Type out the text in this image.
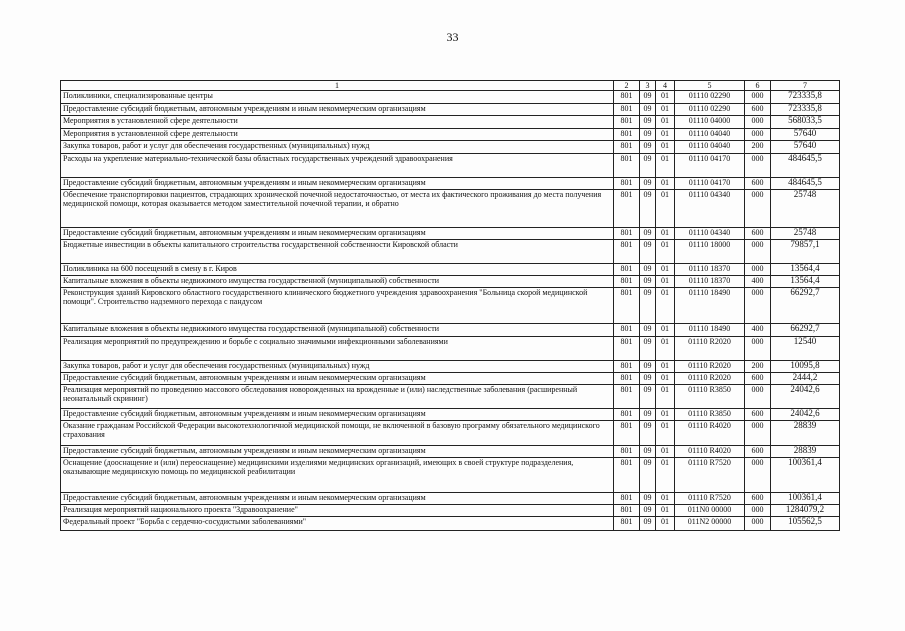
33
1	2	3	4	5	6	7
Поликлиники, специализированные центры	801	09	01	01110 02290	000	723335,8
Предоставление субсидий бюджетным, автономным учреждениям и иным некоммерческим организациям	801	09	01	01110 02290	600	723335,8
Мероприятия в установленной сфере деятельности	801	09	01	01110 04000	000	568033,5
Мероприятия в установленной сфере деятельности	801	09	01	01110 04040	000	57640
Закупка товаров, работ и услуг для обеспечения государственных (муниципальных) нужд	801	09	01	01110 04040	200	57640
Расходы на укрепление материально-технической базы областных государственных учреждений здравоохранения	801	09	01	01110 04170	000	484645,5
Предоставление субсидий бюджетным, автономным учреждениям и иным некоммерческим организациям	801	09	01	01110 04170	600	484645,5
Обеспечение транспортировки пациентов, страдающих хронической почечной недостаточностью, от места их фактического проживания до места получения медицинской помощи, которая оказывается методом заместительной почечной терапии, и обратно	801	09	01	01110 04340	000	25748
Предоставление субсидий бюджетным, автономным учреждениям и иным некоммерческим организациям	801	09	01	01110 04340	600	25748
Бюджетные инвестиции в объекты капитального строительства государственной собственности Кировской области	801	09	01	01110 18000	000	79857,1
Поликлиника на 600 посещений в смену в г. Киров	801	09	01	01110 18370	000	13564,4
Капитальные вложения в объекты недвижимого имущества государственной (муниципальной) собственности	801	09	01	01110 18370	400	13564,4
Реконструкция зданий Кировского областного государственного клинического бюджетного учреждения здравоохранения "Больница скорой медицинской помощи". Строительство надземного перехода с пандусом	801	09	01	01110 18490	000	66292,7
Капитальные вложения в объекты недвижимого имущества государственной (муниципальной) собственности	801	09	01	01110 18490	400	66292,7
Реализация мероприятий по предупреждению и борьбе с социально значимыми инфекционными заболеваниями	801	09	01	01110 R2020	000	12540
Закупка товаров, работ и услуг для обеспечения государственных (муниципальных) нужд	801	09	01	01110 R2020	200	10095,8
Предоставление субсидий бюджетным, автономным учреждениям и иным некоммерческим организациям	801	09	01	01110 R2020	600	2444,2
Реализация мероприятий по проведению массового обследования новорожденных на врожденные и (или) наследственные заболевания (расширенный неонатальный скрининг)	801	09	01	01110 R3850	000	24042,6
Предоставление субсидий бюджетным, автономным учреждениям и иным некоммерческим организациям	801	09	01	01110 R3850	600	24042,6
Оказание гражданам Российской Федерации высокотехнологичной медицинской помощи, не включенной в базовую программу обязательного медицинского страхования	801	09	01	01110 R4020	000	28839
Предоставление субсидий бюджетным, автономным учреждениям и иным некоммерческим организациям	801	09	01	01110 R4020	600	28839
Оснащение (дооснащение и (или) переоснащение) медицинскими изделиями медицинских организаций, имеющих в своей структуре подразделения, оказывающие медицинскую помощь по медицинской реабилитации	801	09	01	01110 R7520	000	100361,4
Предоставление субсидий бюджетным, автономным учреждениям и иным некоммерческим организациям	801	09	01	01110 R7520	600	100361,4
Реализация мероприятий национального проекта "Здравоохранение"	801	09	01	011N0 00000	000	1284079,2
Федеральный проект "Борьба с сердечно-сосудистыми заболеваниями"	801	09	01	011N2 00000	000	105562,5
